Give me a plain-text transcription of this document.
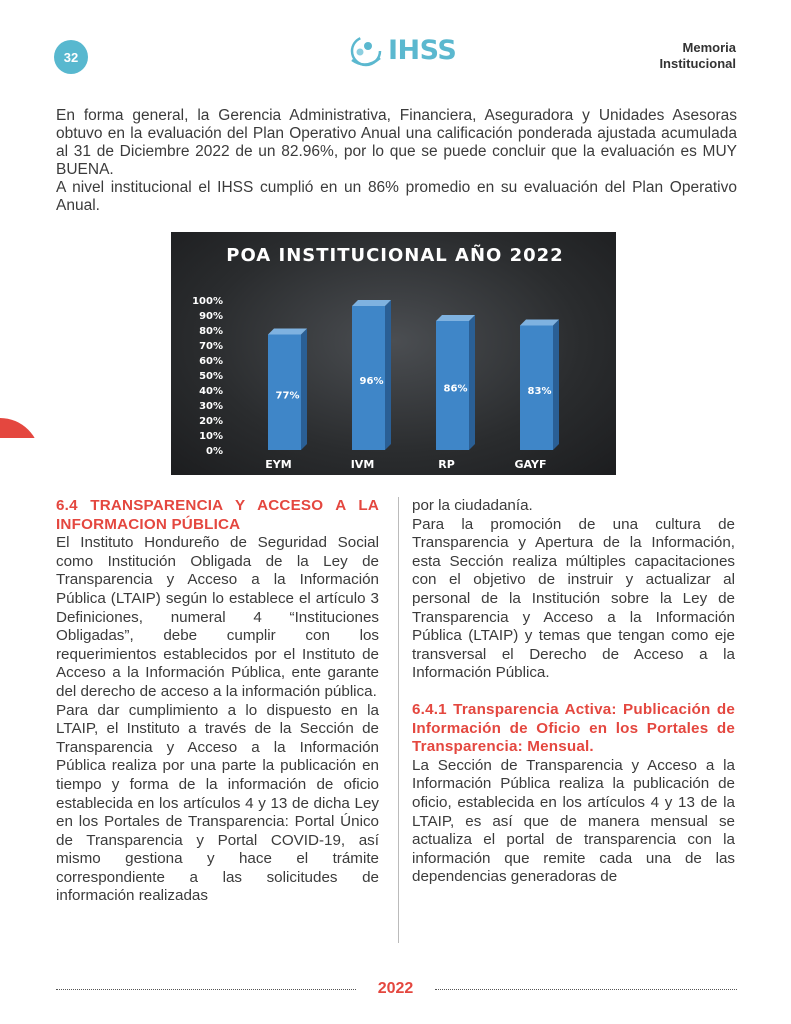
32	IHSS	Memoria
Institucional

En forma general, la Gerencia Administrativa, Financiera, Aseguradora y Unidades Asesoras obtuvo en la evaluación del Plan Operativo Anual una calificación ponderada ajustada acumulada al 31 de Diciembre 2022 de un 82.96%, por lo que se puede concluir que la evaluación es MUY BUENA.

A nivel institucional el IHSS cumplió en un 86% promedio en su evaluación del Plan Operativo Anual.

POA INSTITUCIONAL AÑO 2022
0%
10%
20%
30%
40%
50%
60%
70%
80%
90%
100%
77%
EYM
96%
IVM
86%
RP
83%
GAYF
6.4 TRANSPARENCIA Y ACCESO A LA INFORMACION PÚBLICA

El Instituto Hondureño de Seguridad Social como Institución Obligada de la Ley de Transparencia y Acceso a la Información Pública (LTAIP) según lo establece el artículo 3 Definiciones, numeral 4 “Instituciones Obligadas”, debe cumplir con los requerimientos establecidos por el Instituto de Acceso a la Información Pública, ente garante del derecho de acceso a la información pública.

Para dar cumplimiento a lo dispuesto en la LTAIP, el Instituto a través de la Sección de Transparencia y Acceso a la Información Pública realiza por una parte la publicación en tiempo y forma de la información de oficio establecida en los artículos 4 y 13 de dicha Ley en los Portales de Transparencia: Portal Único de Transparencia y Portal COVID-19, así mismo gestiona y hace el trámite correspondiente a las solicitudes de información realizadas

por la ciudadanía.

Para la promoción de una cultura de Transparencia y Apertura de la Información, esta Sección realiza múltiples capacitaciones con el objetivo de instruir y actualizar al personal de la Institución sobre la Ley de Transparencia y Acceso a la Información Pública (LTAIP) y temas que tengan como eje transversal el Derecho de Acceso a la Información Pública.

6.4.1 Transparencia Activa: Publicación de Información de Oficio en los Portales de Transparencia: Mensual.

La Sección de Transparencia y Acceso a la Información Pública realiza la publicación de oficio, establecida en los artículos 4 y 13 de la LTAIP, es así que de manera mensual se actualiza el portal de transparencia con la información que remite cada una de las dependencias generadoras de

2022
